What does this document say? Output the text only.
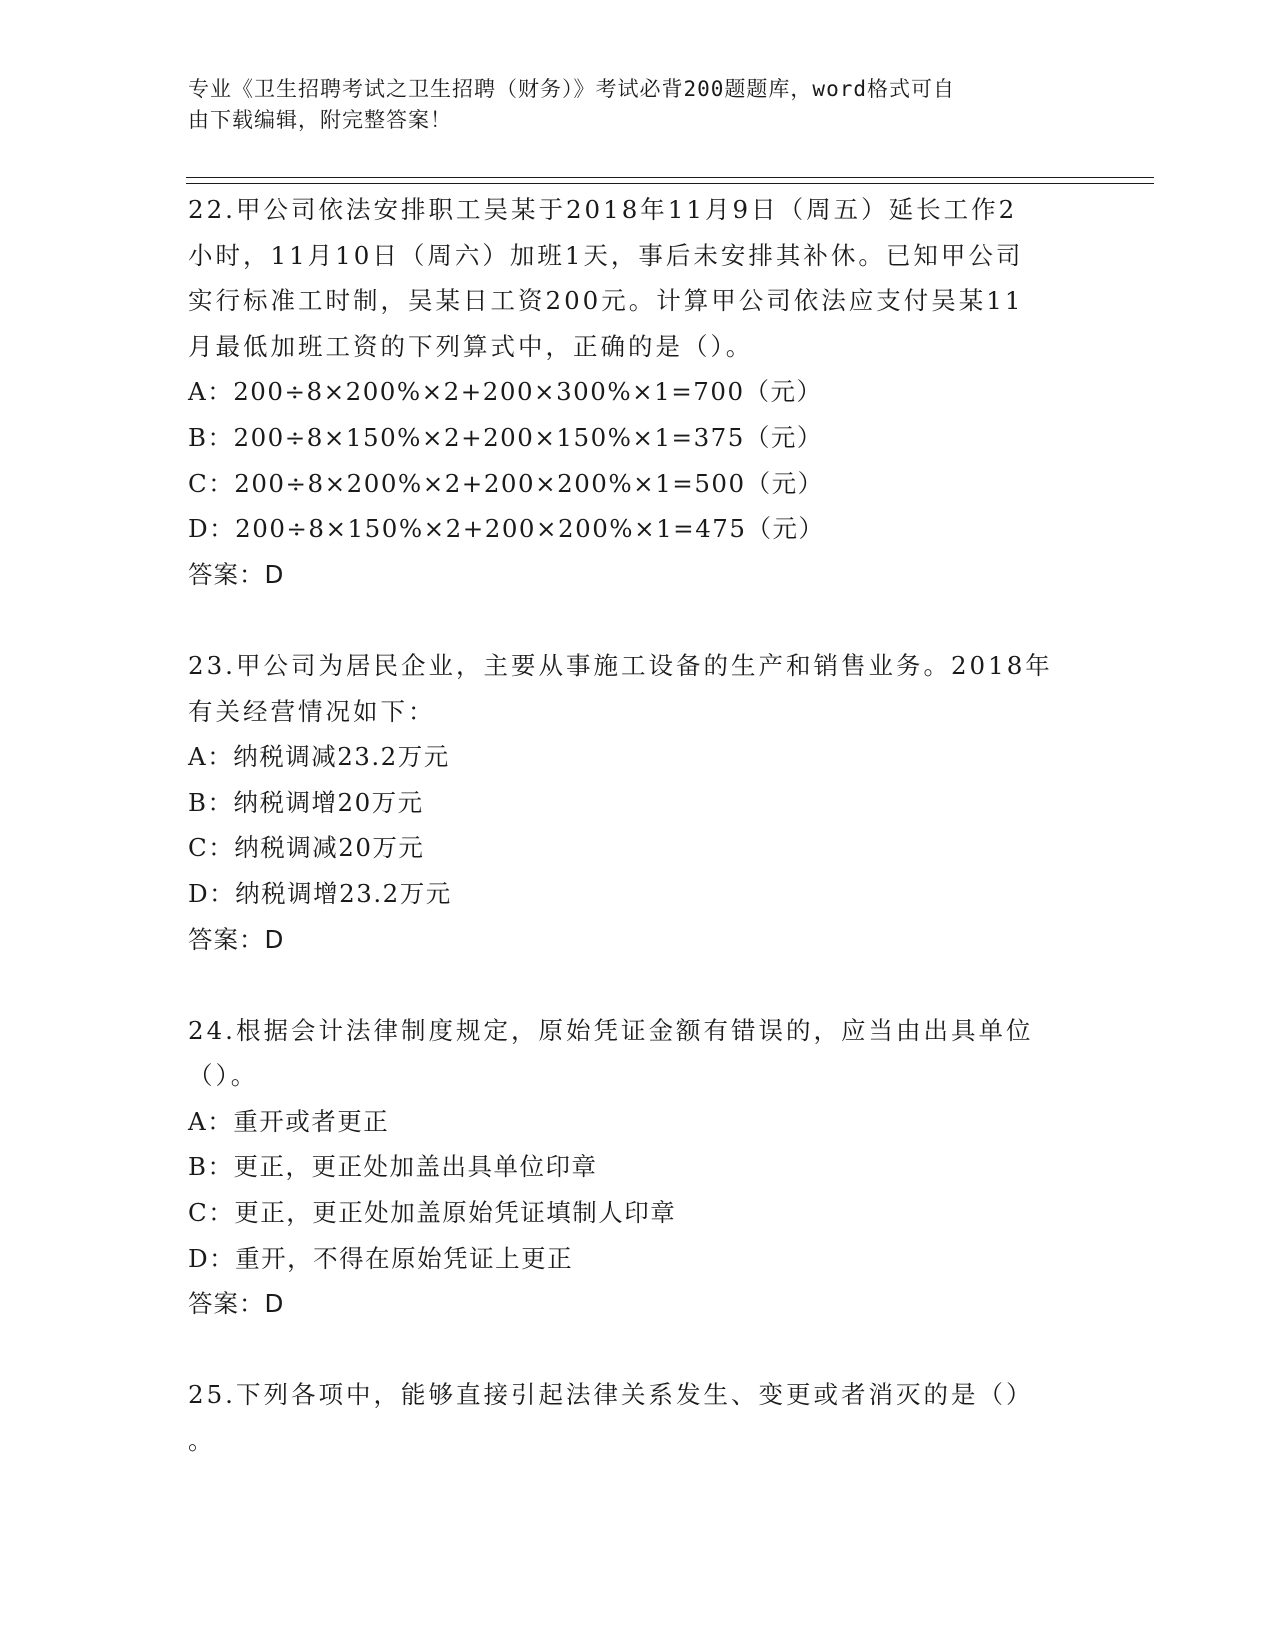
专业《卫生招聘考试之卫生招聘（财务）》考试必背200题题库，word格式可自
由下载编辑，附完整答案！

22.甲公司依法安排职工吴某于2018年11月9日（周五）延长工作2

小时，11月10日（周六）加班1天，事后未安排其补休。已知甲公司

实行标准工时制，吴某日工资200元。计算甲公司依法应支付吴某11

月最低加班工资的下列算式中，正确的是（）。

A：200÷8×200%×2+200×300%×1=700（元）

B：200÷8×150%×2+200×150%×1=375（元）

C：200÷8×200%×2+200×200%×1=500（元）

D：200÷8×150%×2+200×200%×1=475（元）

答案：D

23.甲公司为居民企业，主要从事施工设备的生产和销售业务。2018年

有关经营情况如下：

A：纳税调减23.2万元

B：纳税调增20万元

C：纳税调减20万元

D：纳税调增23.2万元

答案：D

24.根据会计法律制度规定，原始凭证金额有错误的，应当由出具单位

（）。

A：重开或者更正

B：更正，更正处加盖出具单位印章

C：更正，更正处加盖原始凭证填制人印章

D：重开，不得在原始凭证上更正

答案：D

25.下列各项中，能够直接引起法律关系发生、变更或者消灭的是（）

。
